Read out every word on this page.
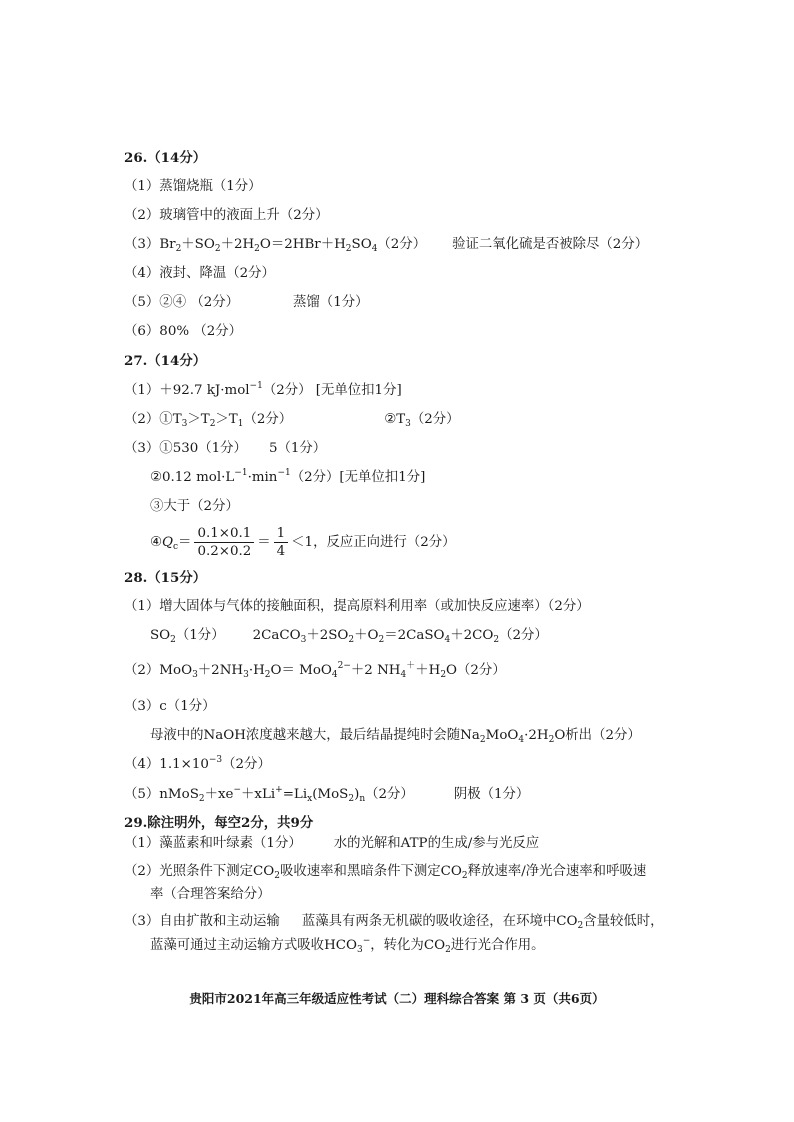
26.（14分）
（1）蒸馏烧瓶（1分）
（2）玻璃管中的液面上升（2分）
$(3)Br_2+SO_2+2H_2O=2HBr+H_2SO_4(2$分） 验证二氧化硫是否被除尽（2分）
（4）液封、降温（2分）
（5）②④ （2分）	蒸馏（1分）
（6）80% （2分）
27.（14分）
（1）＋92.7 kJ·mol$^{-1}$（2分） [无单位扣1分]
$(2)①T_3>T_2>T_1(2$分）	$②T_3(2$分）
（3）①530（1分） 5（1分）
②0.12 $mol\cdot L^{-1}\cdot\min^{-1}(2$分）[无单位扣1分]
③大于（2分）
$④Q_c= \frac{0.1\times 0.1}{0.2\times 0.2} = \frac{1}{4} <1$，反应正向进行（2分）
28.（15分）
（1）增大固体与气体的接触面积，提高原料利用率（或加快反应速率）（2分）
$SO_2(1$分） $2CaCO_3+2SO_2+O_2=2CaSO_4+2CO_2(2$分）
$(2)MoO_3+2NH_3\cdot H_2O= MoO_4^{2-}+2$ $NH_4^++H_2O(2$分）
（3）c（1分）
母液中的NaOH浓度越来越大，最后结晶提纯时会随$Na_2MoO_4\cdot 2H_2O$析出（2分）
$(4)1.1\times 10^{-3}(2$分）
$(5)nMoS_2+xe^-+xLi^+=Li_x(MoS_2)_n(2$分）	阴极（1分）
29.除注明外，每空2分，共9分
（1）藻蓝素和叶绿素（1分） 水的光解和ATP的生成/参与光反应
（2）光照条件下测定$CO_2$吸收速率和黑暗条件下测定$CO_2$释放速率/净光合速率和呼吸速
率（合理答案给分）
（3）自由扩散和主动运输 蓝藻具有两条无机碳的吸收途径，在环境中$CO_2$含量较低时，
蓝藻可通过主动运输方式吸收$HCO_3^-$，转化为$CO_2$进行光合作用。
贵阳市2021年高三年级适应性考试（二）理科综合答案 第 3 页（共6页）
